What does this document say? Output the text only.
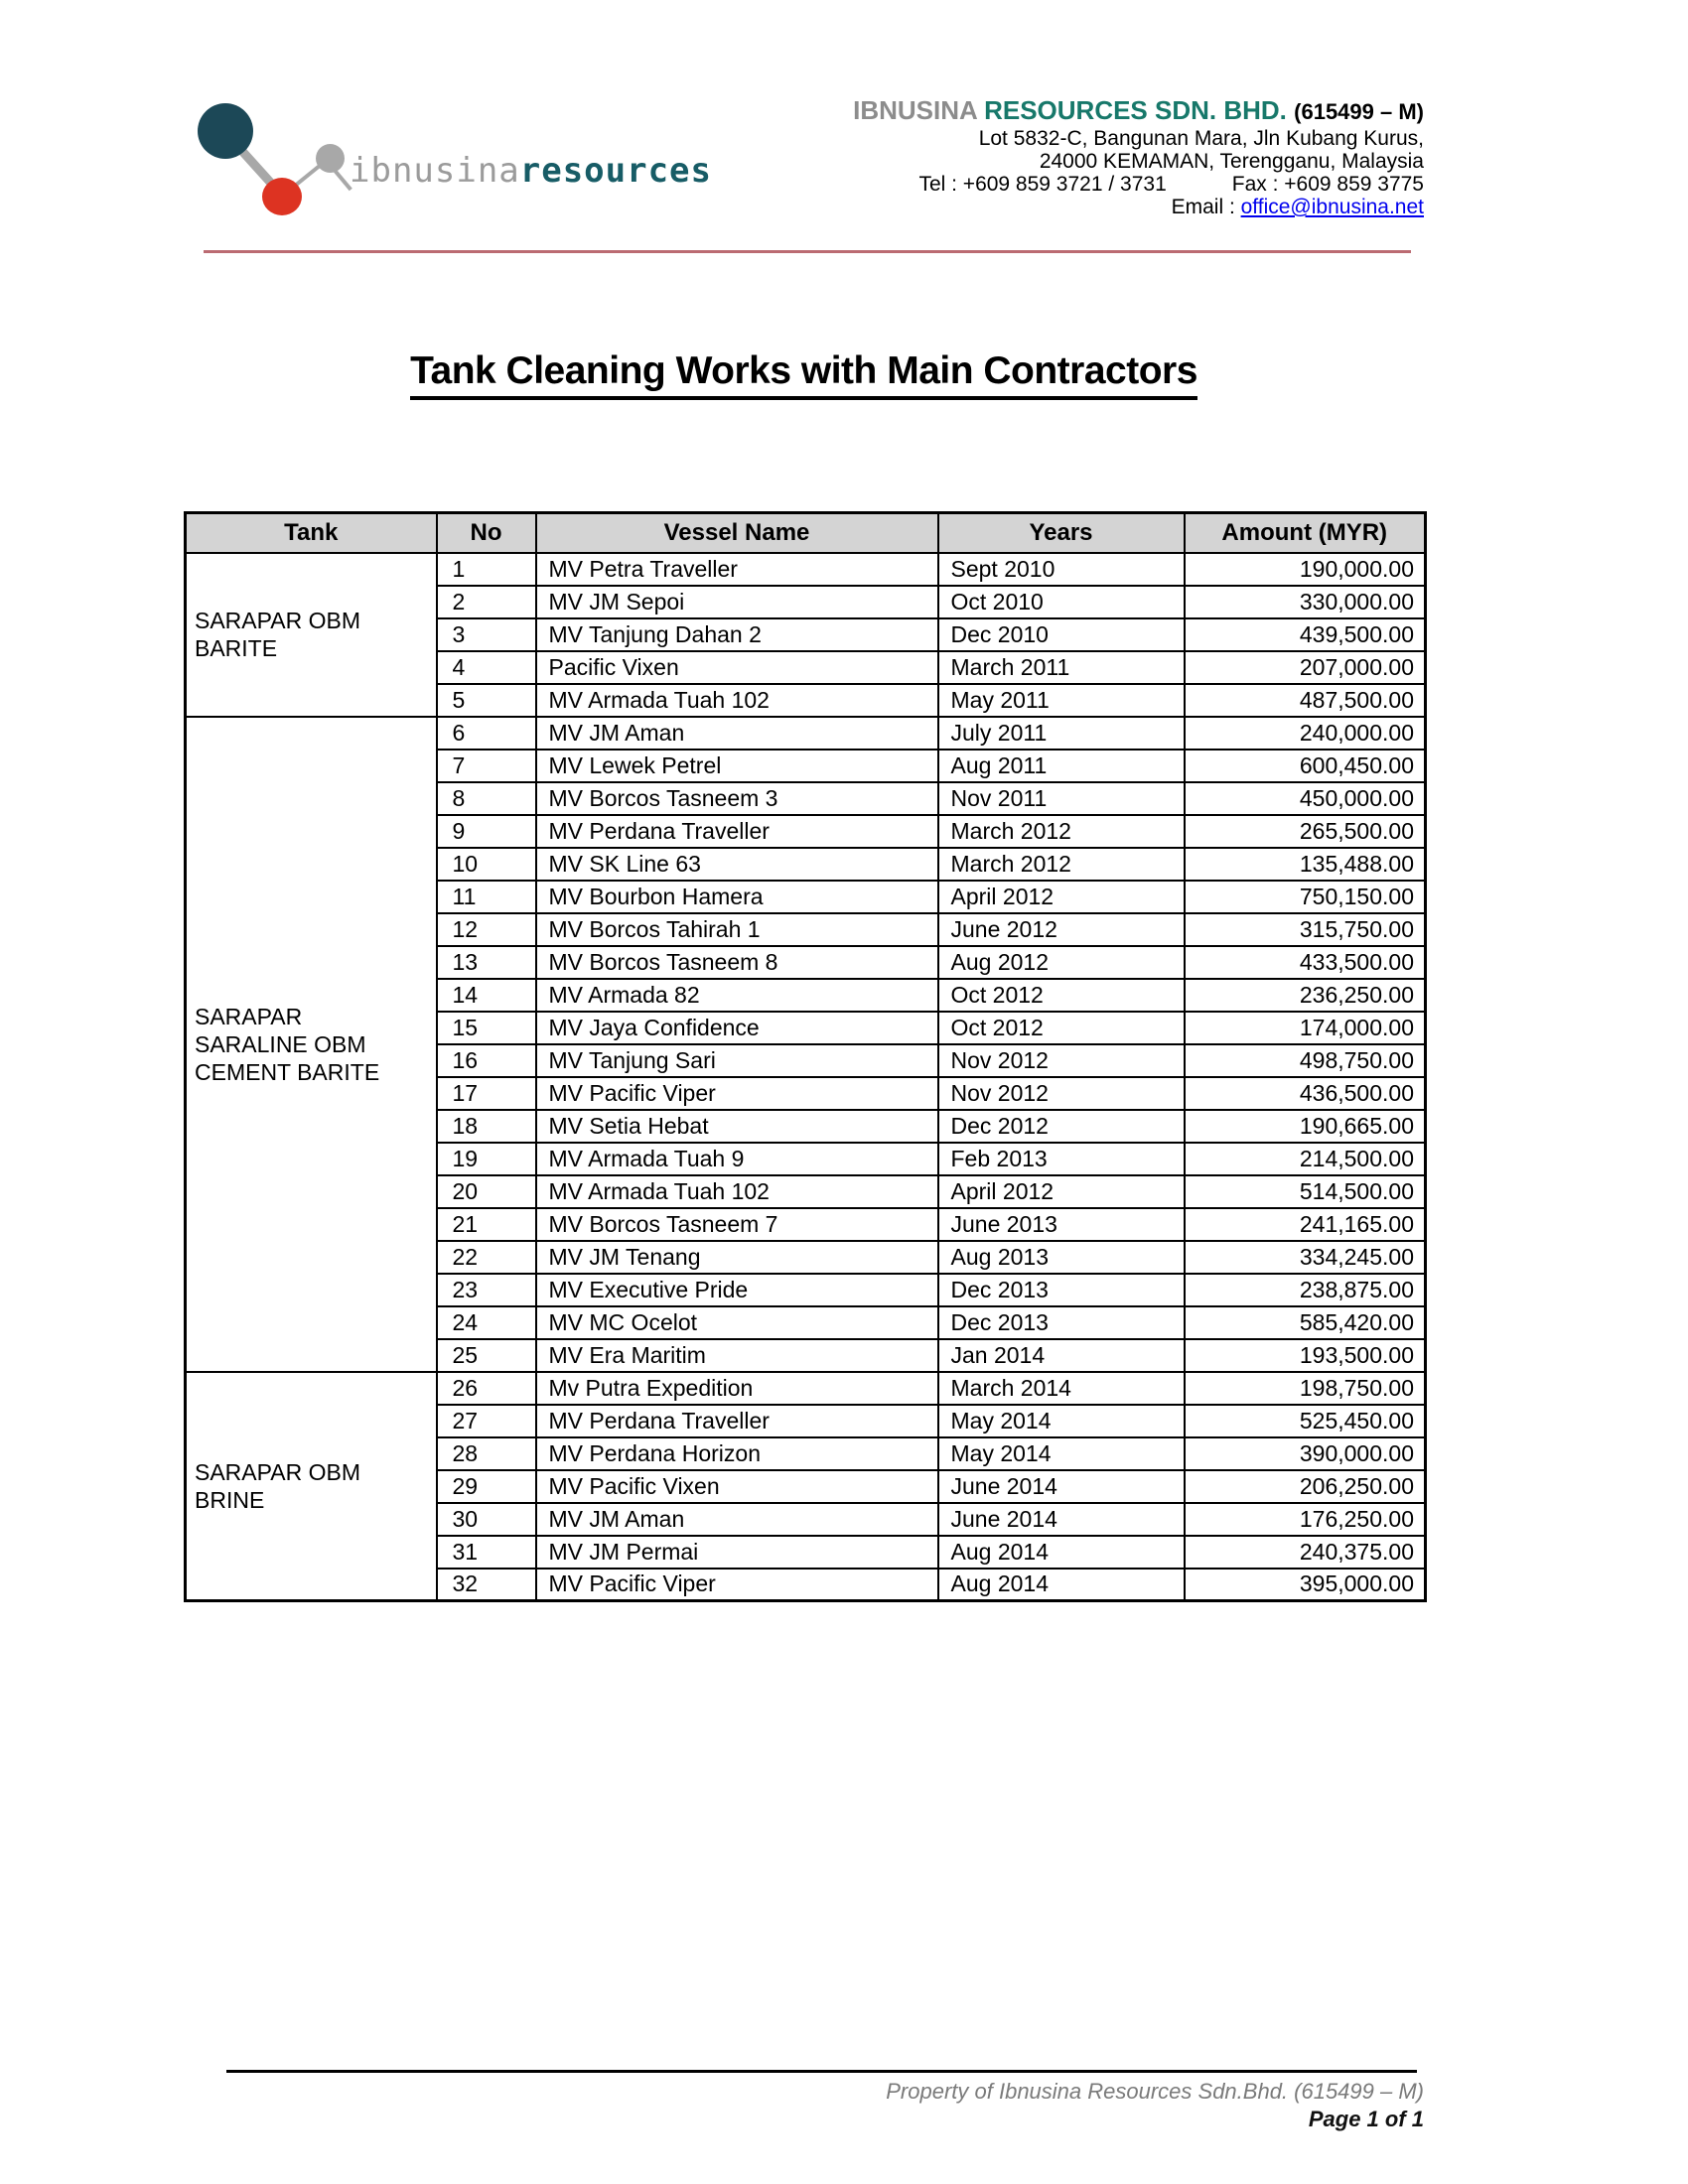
ibnusinaresources
IBNUSINA RESOURCES SDN. BHD. (615499 – M)
Lot 5832-C, Bangunan Mara, Jln Kubang Kurus,
24000 KEMAMAN, Terengganu, Malaysia
Tel : +609 859 3721 / 3731	Fax : +609 859 3775
Email : office@ibnusina.net
Tank Cleaning Works with Main Contractors
Tank	No	Vessel Name	Years	Amount (MYR)

SARAPAR OBM
BARITE	1	MV Petra Traveller	Sept 2010	190,000.00
	2	MV JM Sepoi	Oct 2010	330,000.00
	3	MV Tanjung Dahan 2	Dec 2010	439,500.00
	4	Pacific Vixen	March 2011	207,000.00
	5	MV Armada Tuah 102	May 2011	487,500.00

SARAPAR
SARALINE OBM
CEMENT BARITE	6	MV JM Aman	July 2011	240,000.00
	7	MV Lewek Petrel	Aug 2011	600,450.00
	8	MV Borcos Tasneem 3	Nov 2011	450,000.00
	9	MV Perdana Traveller	March 2012	265,500.00
	10	MV SK Line 63	March 2012	135,488.00
	11	MV Bourbon Hamera	April 2012	750,150.00
	12	MV Borcos Tahirah 1	June 2012	315,750.00
	13	MV Borcos Tasneem 8	Aug 2012	433,500.00
	14	MV Armada 82	Oct 2012	236,250.00
	15	MV Jaya Confidence	Oct 2012	174,000.00
	16	MV Tanjung Sari	Nov 2012	498,750.00
	17	MV Pacific Viper	Nov 2012	436,500.00
	18	MV Setia Hebat	Dec 2012	190,665.00
	19	MV Armada Tuah 9	Feb 2013	214,500.00
	20	MV Armada Tuah 102	April 2012	514,500.00
	21	MV Borcos Tasneem 7	June 2013	241,165.00
	22	MV JM Tenang	Aug 2013	334,245.00
	23	MV Executive Pride	Dec 2013	238,875.00
	24	MV MC Ocelot	Dec 2013	585,420.00
	25	MV Era Maritim	Jan 2014	193,500.00

SARAPAR OBM
BRINE	26	Mv Putra Expedition	March 2014	198,750.00
	27	MV Perdana Traveller	May 2014	525,450.00
	28	MV Perdana Horizon	May 2014	390,000.00
	29	MV Pacific Vixen	June 2014	206,250.00
	30	MV JM Aman	June 2014	176,250.00
	31	MV JM Permai	Aug 2014	240,375.00
	32	MV Pacific Viper	Aug 2014	395,000.00
Property of Ibnusina Resources Sdn.Bhd. (615499 – M)
Page 1 of 1
